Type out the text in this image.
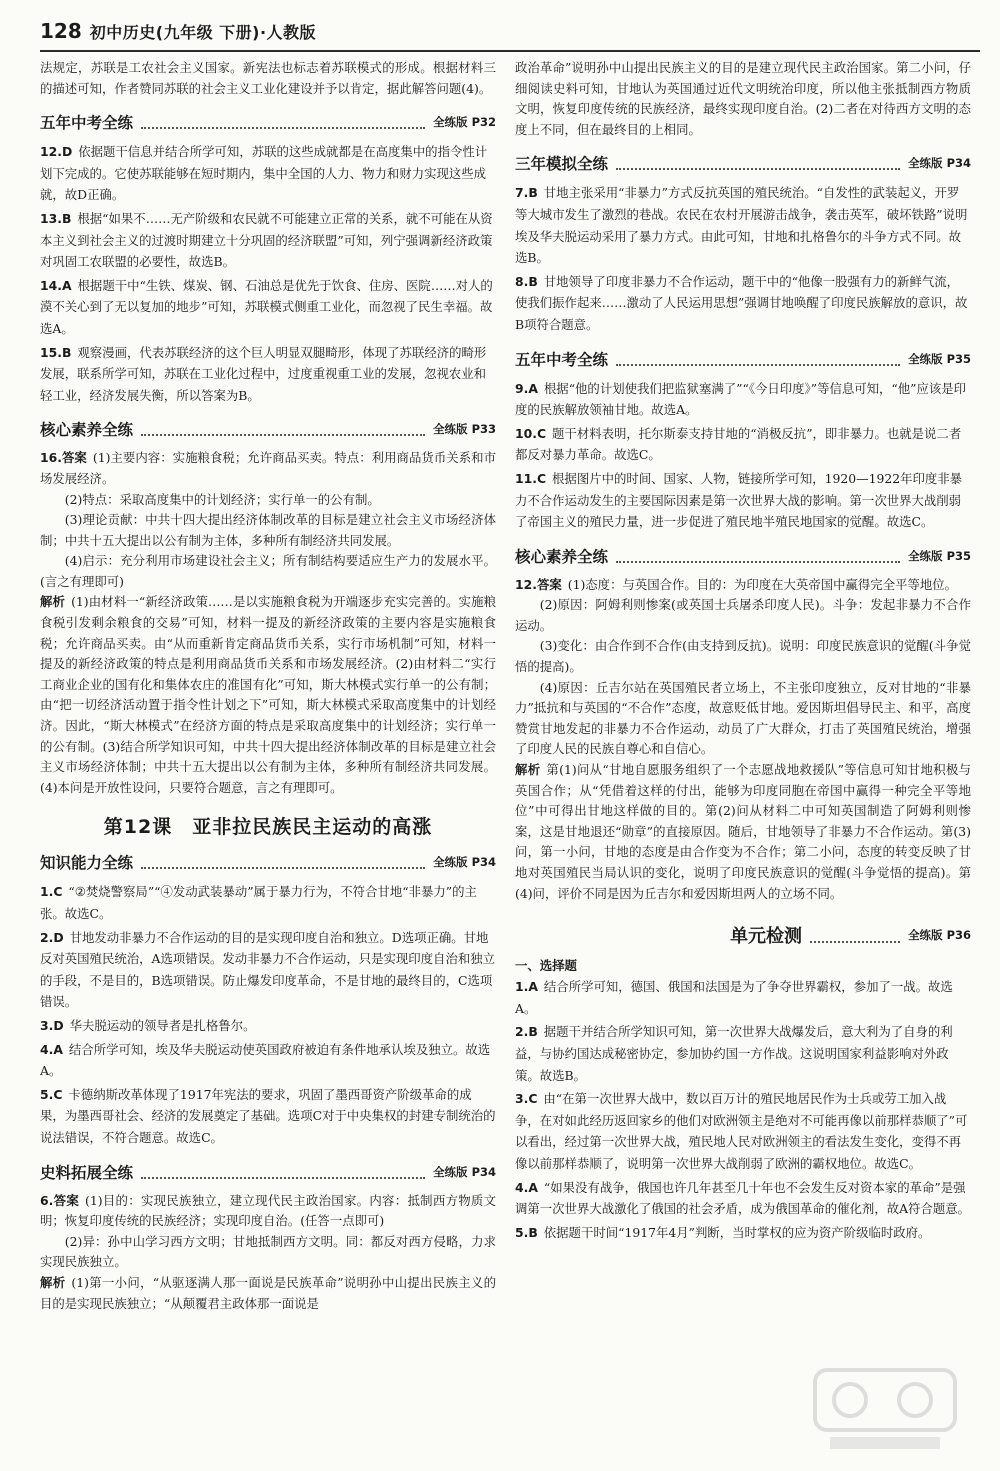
128 初中历史(九年级 下册)·人教版

法规定，苏联是工农社会主义国家。新宪法也标志着苏联模式的形成。根据材料三的描述可知，作者赞同苏联的社会主义工业化建设并予以肯定，据此解答问题(4)。

五年中考全练	全练版 P32
12.D 依据题干信息并结合所学可知，苏联的这些成就都是在高度集中的指令性计划下完成的。它使苏联能够在短时期内，集中全国的人力、物力和财力实现这些成就，故D正确。
13.B 根据“如果不……无产阶级和农民就不可能建立正常的关系，就不可能在从资本主义到社会主义的过渡时期建立十分巩固的经济联盟”可知，列宁强调新经济政策对巩固工农联盟的必要性，故选B。
14.A 根据题干中“生铁、煤炭、钢、石油总是优先于饮食、住房、医院……对人的漠不关心到了无以复加的地步”可知，苏联模式侧重工业化，而忽视了民生幸福。故选A。
15.B 观察漫画，代表苏联经济的这个巨人明显双腿畸形，体现了苏联经济的畸形发展，联系所学可知，苏联在工业化过程中，过度重视重工业的发展，忽视农业和轻工业，经济发展失衡，所以答案为B。
核心素养全练	全练版 P33

16.答案 (1)主要内容：实施粮食税；允许商品买卖。特点：利用商品货币关系和市场发展经济。

(2)特点：采取高度集中的计划经济；实行单一的公有制。

(3)理论贡献：中共十四大提出经济体制改革的目标是建立社会主义市场经济体制；中共十五大提出以公有制为主体，多种所有制经济共同发展。

(4)启示：充分利用市场建设社会主义；所有制结构要适应生产力的发展水平。(言之有理即可)

解析 (1)由材料一“新经济政策……是以实施粮食税为开端逐步充实完善的。实施粮食税引发剩余粮食的交易”可知，材料一提及的新经济政策的主要内容是实施粮食税；允许商品买卖。由“从而重新肯定商品货币关系，实行市场机制”可知，材料一提及的新经济政策的特点是利用商品货币关系和市场发展经济。(2)由材料二“实行工商业企业的国有化和集体农庄的准国有化”可知，斯大林模式实行单一的公有制；由“把一切经济活动置于指令性计划之下”可知，斯大林模式采取高度集中的计划经济。因此，“斯大林模式”在经济方面的特点是采取高度集中的计划经济；实行单一的公有制。(3)结合所学知识可知，中共十四大提出经济体制改革的目标是建立社会主义市场经济体制；中共十五大提出以公有制为主体，多种所有制经济共同发展。(4)本问是开放性设问，只要符合题意，言之有理即可。

第12课　亚非拉民族民主运动的高涨
知识能力全练	全练版 P34
1.C “②焚烧警察局”“④发动武装暴动”属于暴力行为，不符合甘地“非暴力”的主张。故选C。
2.D 甘地发动非暴力不合作运动的目的是实现印度自治和独立。D选项正确。甘地反对英国殖民统治，A选项错误。发动非暴力不合作运动，只是实现印度自治和独立的手段，不是目的，B选项错误。防止爆发印度革命，不是甘地的最终目的，C选项错误。
3.D 华夫脱运动的领导者是扎格鲁尔。
4.A 结合所学可知，埃及华夫脱运动使英国政府被迫有条件地承认埃及独立。故选A。
5.C 卡德纳斯改革体现了1917年宪法的要求，巩固了墨西哥资产阶级革命的成果，为墨西哥社会、经济的发展奠定了基础。选项C对于中央集权的封建专制统治的说法错误，不符合题意。故选C。
史料拓展全练	全练版 P34

6.答案 (1)目的：实现民族独立，建立现代民主政治国家。内容：抵制西方物质文明；恢复印度传统的民族经济；实现印度自治。(任答一点即可)

(2)异：孙中山学习西方文明；甘地抵制西方文明。同：都反对西方侵略，力求实现民族独立。

解析 (1)第一小问，“从驱逐满人那一面说是民族革命”说明孙中山提出民族主义的目的是实现民族独立；“从颠覆君主政体那一面说是

政治革命”说明孙中山提出民族主义的目的是建立现代民主政治国家。第二小问，仔细阅读史料可知，甘地认为英国通过近代文明统治印度，所以他主张抵制西方物质文明，恢复印度传统的民族经济，最终实现印度自治。(2)二者在对待西方文明的态度上不同，但在最终目的上相同。

三年模拟全练	全练版 P34
7.B 甘地主张采用“非暴力”方式反抗英国的殖民统治。“自发性的武装起义，开罗等大城市发生了激烈的巷战。农民在农村开展游击战争，袭击英军，破坏铁路”说明埃及华夫脱运动采用了暴力方式。由此可知，甘地和扎格鲁尔的斗争方式不同。故选B。
8.B 甘地领导了印度非暴力不合作运动，题干中的“他像一股强有力的新鲜气流，使我们振作起来……激动了人民运用思想”强调甘地唤醒了印度民族解放的意识，故B项符合题意。
五年中考全练	全练版 P35
9.A 根据“他的计划使我们把监狱塞满了”“《今日印度》”等信息可知，“他”应该是印度的民族解放领袖甘地。故选A。
10.C 题干材料表明，托尔斯泰支持甘地的“消极反抗”，即非暴力。也就是说二者都反对暴力革命。故选C。
11.C 根据图片中的时间、国家、人物，链接所学可知，1920—1922年印度非暴力不合作运动发生的主要国际因素是第一次世界大战的影响。第一次世界大战削弱了帝国主义的殖民力量，进一步促进了殖民地半殖民地国家的觉醒。故选C。
核心素养全练	全练版 P35

12.答案 (1)态度：与英国合作。目的：为印度在大英帝国中赢得完全平等地位。

(2)原因：阿姆利则惨案(或英国士兵屠杀印度人民)。斗争：发起非暴力不合作运动。

(3)变化：由合作到不合作(由支持到反抗)。说明：印度民族意识的觉醒(斗争觉悟的提高)。

(4)原因：丘吉尔站在英国殖民者立场上，不主张印度独立，反对甘地的“非暴力”抵抗和与英国的“不合作”态度，故意贬低甘地。爱因斯坦倡导民主、和平，高度赞赏甘地发起的非暴力不合作运动，动员了广大群众，打击了英国殖民统治，增强了印度人民的民族自尊心和自信心。

解析 第(1)问从“甘地自愿服务组织了一个志愿战地救援队”等信息可知甘地积极与英国合作；从“凭借着这样的付出，能够为印度同胞在帝国中赢得一种完全平等地位”中可得出甘地这样做的目的。第(2)问从材料二中可知英国制造了阿姆利则惨案，这是甘地退还“勋章”的直接原因。随后，甘地领导了非暴力不合作运动。第(3)问，第一小问，甘地的态度是由合作变为不合作；第二小问，态度的转变反映了甘地对英国殖民当局认识的变化，说明了印度民族意识的觉醒(斗争觉悟的提高)。第(4)问，评价不同是因为丘吉尔和爱因斯坦两人的立场不同。

单元检测	全练版 P36
一、选择题
1.A 结合所学可知，德国、俄国和法国是为了争夺世界霸权，参加了一战。故选A。
2.B 据题干并结合所学知识可知，第一次世界大战爆发后，意大利为了自身的利益，与协约国达成秘密协定，参加协约国一方作战。这说明国家利益影响对外政策。故选B。
3.C 由“在第一次世界大战中，数以百万计的殖民地居民作为士兵或劳工加入战争，在对如此经历返回家乡的他们对欧洲领主是绝对不可能再像以前那样恭顺了”可以看出，经过第一次世界大战，殖民地人民对欧洲领主的看法发生变化，变得不再像以前那样恭顺了，说明第一次世界大战削弱了欧洲的霸权地位。故选C。
4.A “如果没有战争，俄国也许几年甚至几十年也不会发生反对资本家的革命”是强调第一次世界大战激化了俄国的社会矛盾，成为俄国革命的催化剂，故A符合题意。
5.B 依据题干时间“1917年4月”判断，当时掌权的应为资产阶级临时政府。
